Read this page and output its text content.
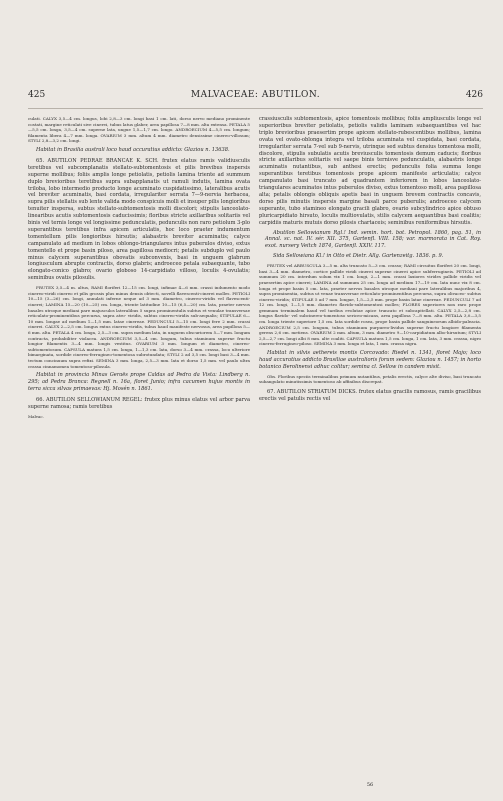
425	MALVACEAE: ABUTILON.	426

culati. CALYX 3,5—4 cm. longus, lobi 2,8—3 cm. longi basi 1 cm. lati, dorso nervo mediano prominente costati, margine reticulati sive cinerei, tubus latus glaber, area papillosa 7—8 mm. alta extensa. PETALA 5—5,5 cm. longa, 3,5—4 cm. superne lata, ungue 1,5—1,7 cm. longo. ANDROECIUM 4—5,5 cm. longum; filamenta libera 4—7 mm. longa. OVARIUM 3 mm. altum 4 mm. diametro densissime cinereo-villosum; STYLI 2,8—3,2 cm. longi.

Habitat in Brasilia australi loco haud accuratius addicto: Glaziou n. 13638.

65. ABUTILON PEDRAE BRANCAE K. SCH. frutex elatus ramis validiusculis teretibus vel subcomplanatis stellato-subtomentosis et pilis brevibus inspersis superne mollibus; foliis amplis longe petiolatis, petiolis lamina triente ad summum duplo brevioribus teretibus supra subapplanatis ut ramuli indutis, lamina ovata triloba, lobo intermedio producto longe acuminato cuspidatissimo, lateralibus acutis vel breviter acuminatis, basi cordata, irregulariter serrata 7—9-nervia herbacea, supra pilis stellatis sub lente valida modo conspicuis molli et insuper pilis longioribus tenuiter inspersa, subtus stellato-subtomentosis molli discolori; stipulis lanceolato-linearibus acutis subtomentosis caducissimis; floribus stricte axillaribus solitariis vel binis vel ternis longe vel longissime pedunculatis, pedunculis non raro petiolum 3-plo superantibus teretibus infra apicem articulatis, hoc loco praeter indumentum tomentellum pilis longioribus hirsutis; alabastris breviter acuminatis; calyce campanulato ad medium in lobos oblongo-triangulares intus puberulos diviso, extus tomentello et prope basin piloso, area papillosa mediocri; petalis subduplo vel paulo minus calycem superantibus obovatis subconvexis, basi in unguem glabrum longiusculum abrupte contractis, dorso glabris; androeceo petala subaequante, tubo elongato-conico glabro; ovario globoso 14-carpidiato villoso, loculis 4-ovulatis; seminibus ovatis pilosulis.

FRUTEX 3,5—4 m. altus, RAMI floriferi 12—15 cm. longi, infimae 4—6 mm. crassi indumento modo cinereo-viridi cinereo et pilis grossis plus minus densis obtecti, novelli flavescenti-cinerei molles. PETIOLI 10—15 (3—26) cm. longi, annulati inferne neque ad 3 mm. diametro, cinereo-viridis vel flavescenti-cinerei; LAMINA 15—20 (10—25) cm. longa, triente latitudine 10—15 (6,5—20) cm. lata, praeter nervos basales utroque mediani pare majusculos lateralibus 5 supra prominentulis subtus et venulae transversae reticulato-prominentibus percursa, supra atro- viridis, subtus cinereo-viridis sub-aequalis; STIPULAE 6—10 mm. longae ad medium 1—1,5 mm. latae cinereae. PEDUNCULI 5—15 cm. longi fere 2 mm. crassi cinerei. CALYX 2—2,5 cm. longus extus cinereo-viridis, tubus haud manifeste nervosus, area papillosa 5—6 mm. alta. PETALA 4 cm. longa, 2,5—3 cm. supra medium lata, in unguem obscuriorem 5—7 mm. longum contracta, probabiliter violacea. ANDROECIUM 3,5—4 cm. longum, tubus staminum superne fructu longior filamentis 3—4 mm. longis vestitus. OVARIUM 3 mm. longum et diametro, cinereo-subtomentosum. CAPSULA matura 1,5 cm. longa, 1—1,3 cm. lata, dorso 3—4 mm. crassa, loco ulteriore bimarginata, sordide cinereo-ferrugineo-tomentosa subrotundata; STYLI 2 ad 3,5 cm. longi basi 3—4 mm. tectum concinuum supra refixi. SEMINA 3 mm. longa, 2,5—3 mm. lata et dorso 1,5 mm. vel paulo ultra crassa cinnamomea tomentoso-pilosula.

Habitat in provincia Minas Geraës prope Caldas ad Pedra da Vista: Lindberg n. 295; ad Pedra Branca: Regnell n. 16a, floret Junio; infra cacumen hujus montis in terra sicca silvas primaevas: Hj. Mosén n. 1861.

66. ABUTILON SELLOWIANUM REGEL: frutex plus minus elatus vel arbor parva superne ramosa; ramis teretibus

Malvac.

crassiusculis subtomentosis, apice tomentosis mollibus; foliis ampliusculis longe vel superioribus breviter petiolatis, petiolis validis laminam subaequantibus vel hac triplo brevioribus praesertim prope apicem stellato-rubescentibus mollibus, lamina ovata vel ovato-oblonga integra vel triloba acuminata vel cuspidata, basi cordata, irregulariter serrata 7-vel sub 9-nervis, utrinque sed subtus densius tomentosa molli, discolore, stipulis subulatis acutis breviusculis tomentosis demum caducis; floribus stricte axillaribus solitariis vel saepe binis ternisve pedunculatis, alabastris longe acuminatis nutantibus, sub anthesi erectis; pedunculis folia summa longe superantibus teretibus tomentosis prope apicem manifeste articulatis; calyce campanulato basi truncato ad quadrantem inferiorem in lobos lanceolato-triangulares acuminatos intus puberulos diviso, extus tomentoso molli, area papillosa alta; petalis oblongis obliquis apetis basi in unguem brevem contractis concavis, dorso pilis minutis inspersis margine basali parce puberulis; androeceo calycem superante, tubo stamineo elongato gracili glabro, ovario subcylindrico apice obtuso pluricarpidiato hirsuto, loculis multiovulatis, stilis calycem aequantibus basi coalitis; carpidiis maturis mutuis dorso pilosis chartaceis; seminibus reniformibus hirsutis.

Abutilon Sellowianum Rgl.! Ind. semin. hort. bot. Petropol. 1860, pag. 51, in Annal. sc. nat. IV. sér. XII. 375, Gartenfl. VIII. 158; var. marmorata in Cat. Roy. exot. nursery Veitch 1874, Gartenfl. XXIV. 117.

Sida Sellowiana Kl.! in Otto et Dietr. Allg. Gartenzeitg. 1836. p. 9.

FRUTEX vel ARBUSCULA 3—5 m. alta truncato 5—3 cm. crasso; RAMI circuitus floriferi 20 cm. longi, basi 3—4 mm. diametro, cortice pallide viridi cinerei superne cinerei apice subferrugineis. PETIOLI ad summum 20 cm. interdum solum vix 1 cm. longi, 2—1 mm. crassi laxiores virides pallide viridis vel praesertim apice cinerei; LAMINA ad summum 25 cm. longa ad medium 17—19 cm. lata nunc vix 8 cm. longa et prope basin 5 cm. lata, praeter nervos basales utroque mediani pare lateralibus majoribus 4, supra prominentia, subtus ut venae transversae reticulato-prominentibus percursa, supra olivaceo- subtus cinereo-viridis; STIPULAE 5 ad 7 mm. longae, 1,5—2,5 mm. prope basin latae cinereae. PEDUNCULI 7 ad 12 cm. longi, 1—1,5 mm. diametro flavido-subtomentosi molles; FLORES superiores non raro prope gemmam terminalem haud vel tardius evolutae apice truncato et subcapitellati. CALYX 2,5—2,8 cm. longus flavido- vel subcinereo-tomentoso sericeo-micans, area papillosa 7—8 mm. alta. PETALA 3,0—3,5 cm. longa triente superiore 1,5 cm. lata sordide rosea, prope basin pallide sanguineorum albido-paleacia. ANDROECIUM 2,5 cm. longum, tubus staminum purpureo-lividus superne fructu longiore filamenta gerens 2,6 cm. metiens. OVARIUM 2 mm. altum, 3 mm. diametro 9—10-carpidiatum albo-hirsutum; STYLI 2,5—2,7 cm. longi albi 8 mm. alte coaliti. CAPSULA matura 1,5 cm. longa, 1 cm. lata, 3 mm. crassa, nigro cinereo-ferrugineo-piloso. SEMINA 3 mm. longa et lata, 1 mm. crassa nigra.

Habitat in silvis aethereis montis Corcovado: Riedel n. 1341, floret Majo; loco haud accuratius addicto Brasiliae australioris forum sedem: Glaziou n. 1457; in horto botanico Berolinensi adhuc colitur; semina cl. Sellow in candem misit.

Obs. Floribus speciis terminalibus primum nutantibus, petalis erectis, calyce alte diviso, basi truncato subangulato minutissimis tomentoso ab affinibus discrepat.

67. ABUTILON STRIATUM DICKS. frutex elatus gracilis ramosus, ramis gracilibus erectis vel patulis rectis vel

56
